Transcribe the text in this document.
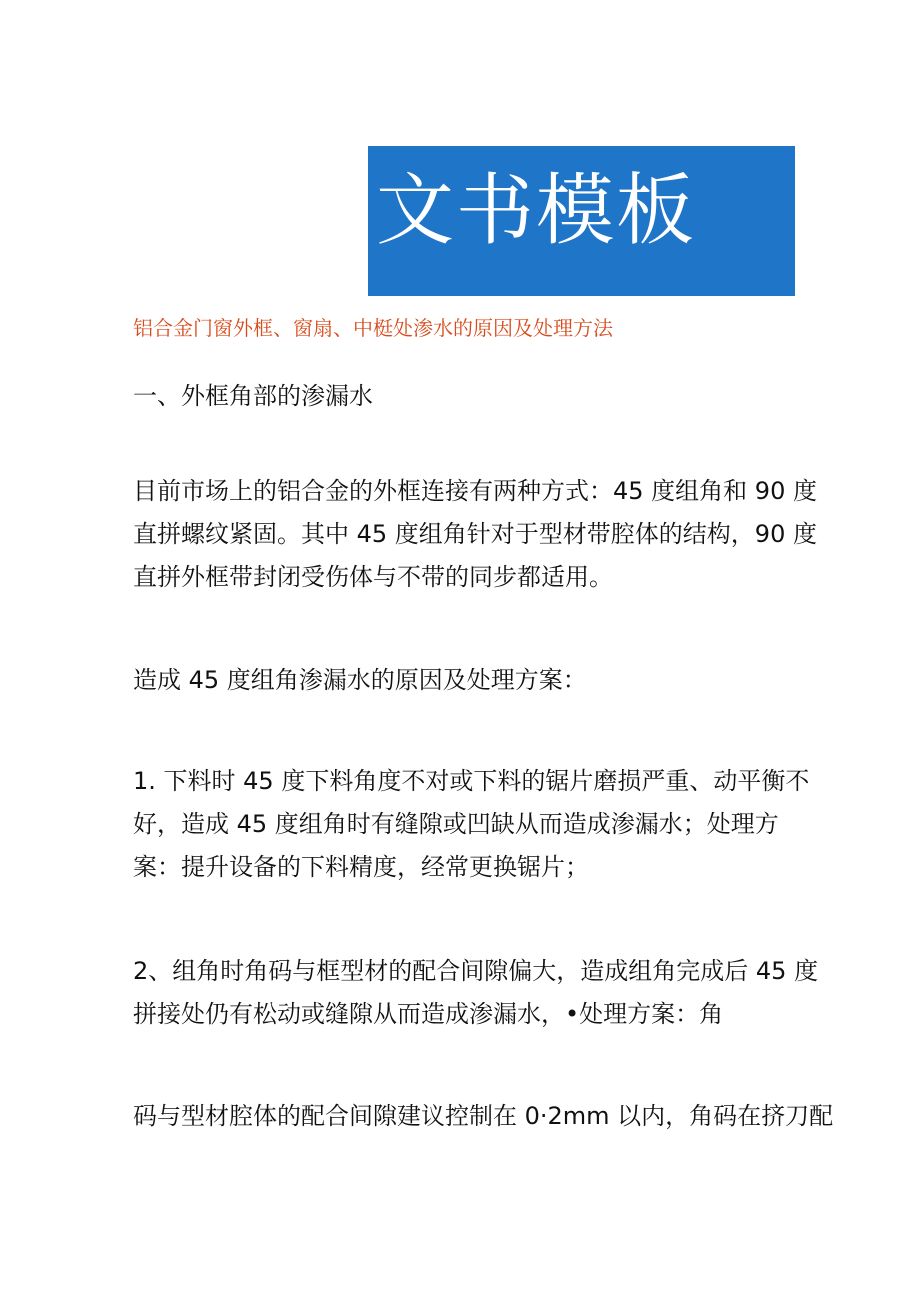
文书模板
铝合金门窗外框、窗扇、中梃处渗水的原因及处理方法
一、外框角部的渗漏水
目前市场上的铝合金的外框连接有两种方式：45 度组角和 90 度
直拼螺纹紧固。其中 45 度组角针对于型材带腔体的结构，90 度
直拼外框带封闭受伤体与不带的同步都适用。
造成 45 度组角渗漏水的原因及处理方案：
1. 下料时 45 度下料角度不对或下料的锯片磨损严重、动平衡不
好，造成 45 度组角时有缝隙或凹缺从而造成渗漏水；处理方
案：提升设备的下料精度，经常更换锯片；
2、组角时角码与框型材的配合间隙偏大，造成组角完成后 45 度
拼接处仍有松动或缝隙从而造成渗漏水，•处理方案：角
码与型材腔体的配合间隙建议控制在 0·2mm 以内，角码在挤刀配
